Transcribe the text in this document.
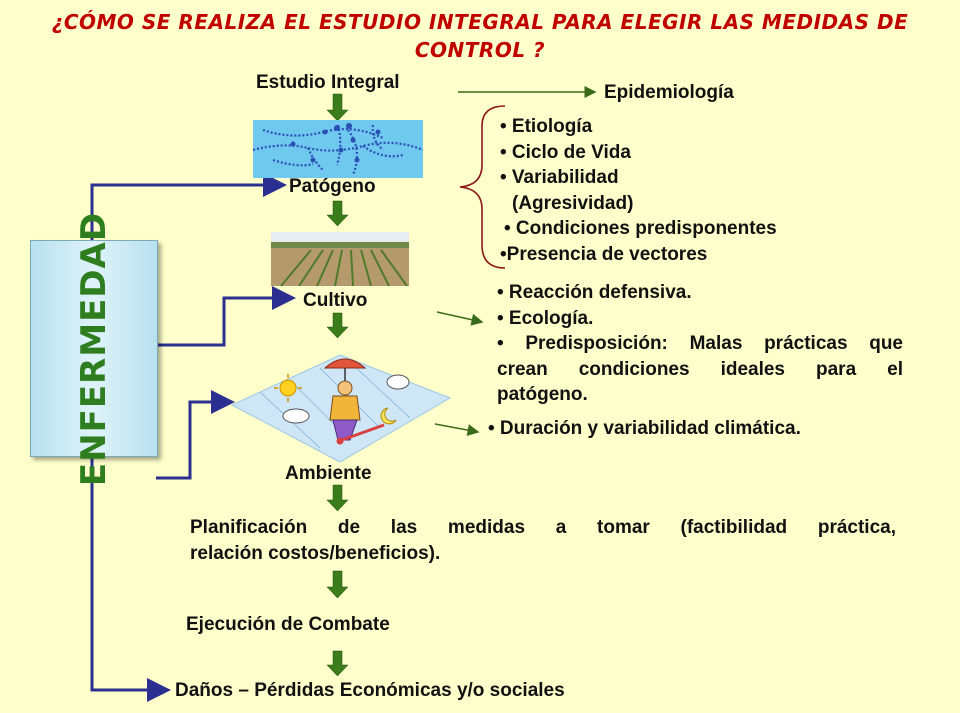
¿CÓMO SE REALIZA EL ESTUDIO INTEGRAL PARA ELEGIR LAS MEDIDAS DE
CONTROL ?
ENFERMEDAD
Estudio Integral	Epidemiología
Patógeno
Cultivo
Ambiente
• Etiología
• Ciclo de Vida
• Variabilidad
(Agresividad)
• Condiciones predisponentes
•Presencia de vectores
• Reacción defensiva.
• Ecología.
• Predisposición: Malas prácticas que
crean condiciones ideales para el
patógeno.
• Duración y variabilidad climática.
Planificación de las medidas a tomar (factibilidad práctica,
relación costos/beneficios).
Ejecución de Combate
Daños – Pérdidas Económicas y/o sociales
